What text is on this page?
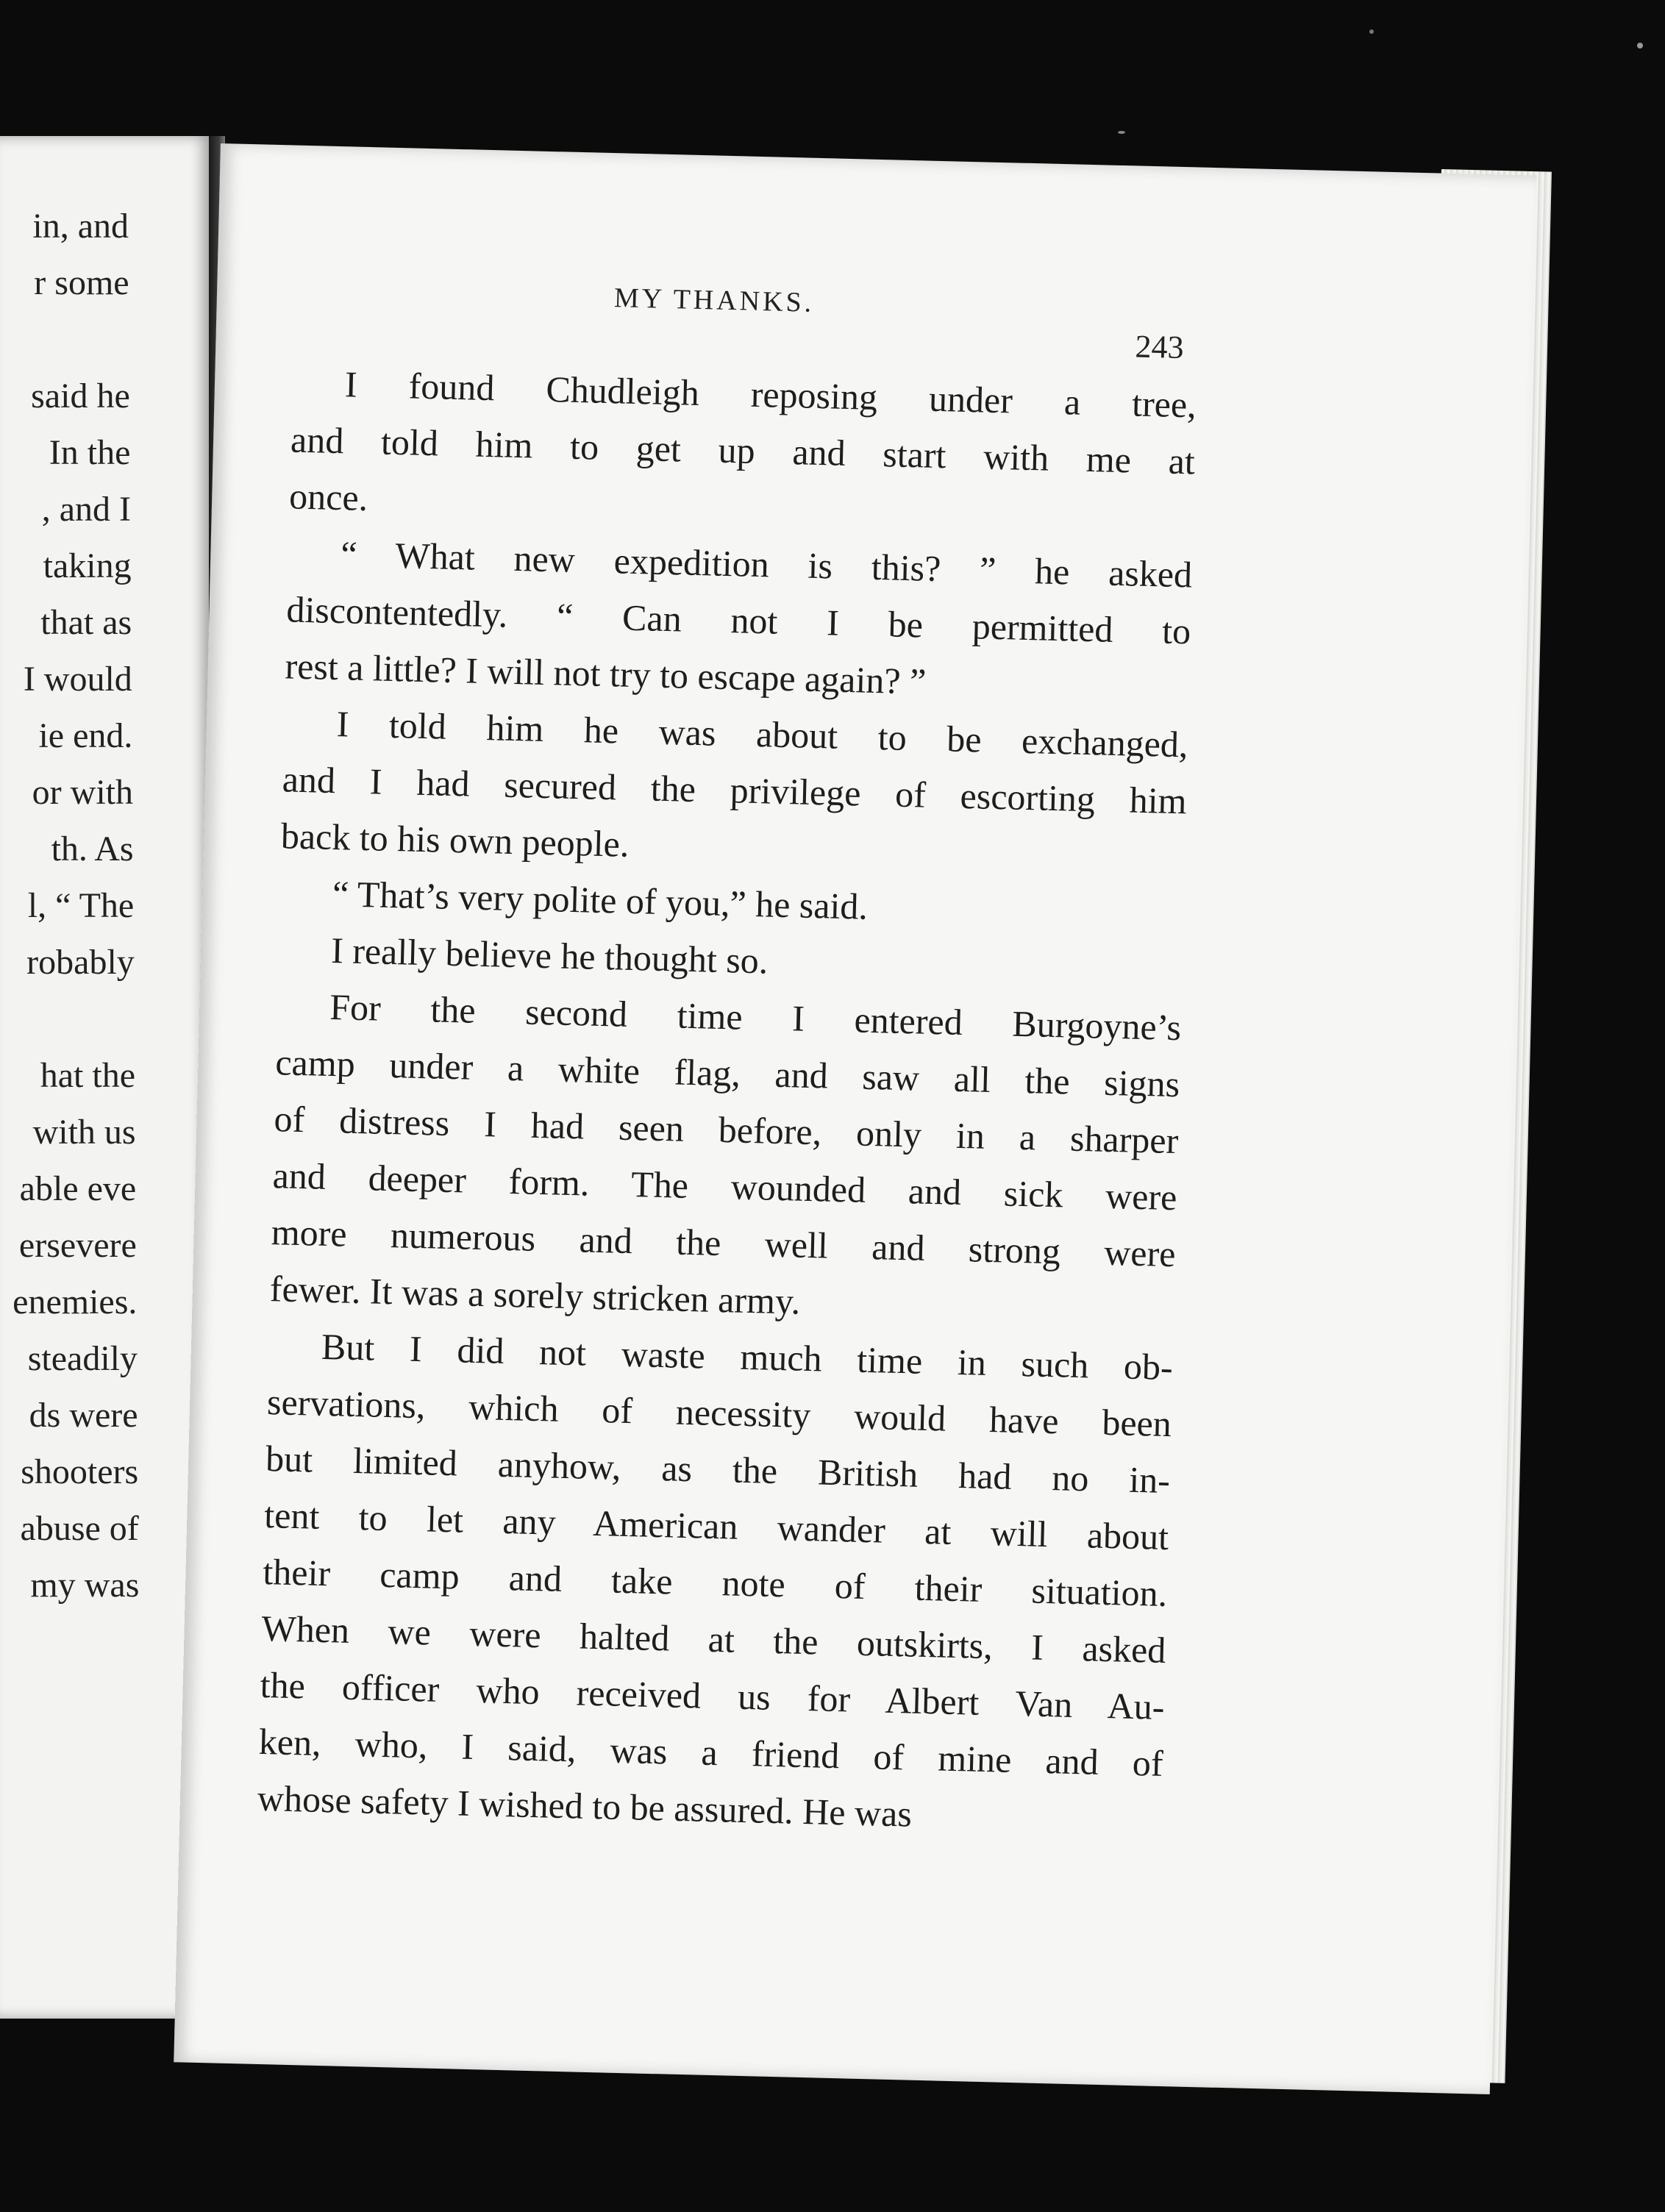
in, and
r some
said he
In the
, and I
taking
that as
I would
ie end.
or with
th. As
l, “ The
robably
hat the
with us
able eve
ersevere
enemies.
steadily
ds were
shooters
abuse of
my was
MY THANKS.
243
I found Chudleigh reposing under a tree,
and told him to get up and start with me at
once.
“ What new expedition is this? ” he asked
discontentedly. “ Can not I be permitted to
rest a little? I will not try to escape again? ”
I told him he was about to be exchanged,
and I had secured the privilege of escorting him
back to his own people.
“ That’s very polite of you,” he said.
I really believe he thought so.
For the second time I entered Burgoyne’s
camp under a white flag, and saw all the signs
of distress I had seen before, only in a sharper
and deeper form. The wounded and sick were
more numerous and the well and strong were
fewer. It was a sorely stricken army.
But I did not waste much time in such ob-
servations, which of necessity would have been
but limited anyhow, as the British had no in-
tent to let any American wander at will about
their camp and take note of their situation.
When we were halted at the outskirts, I asked
the officer who received us for Albert Van Au-
ken, who, I said, was a friend of mine and of
whose safety I wished to be assured. He was
